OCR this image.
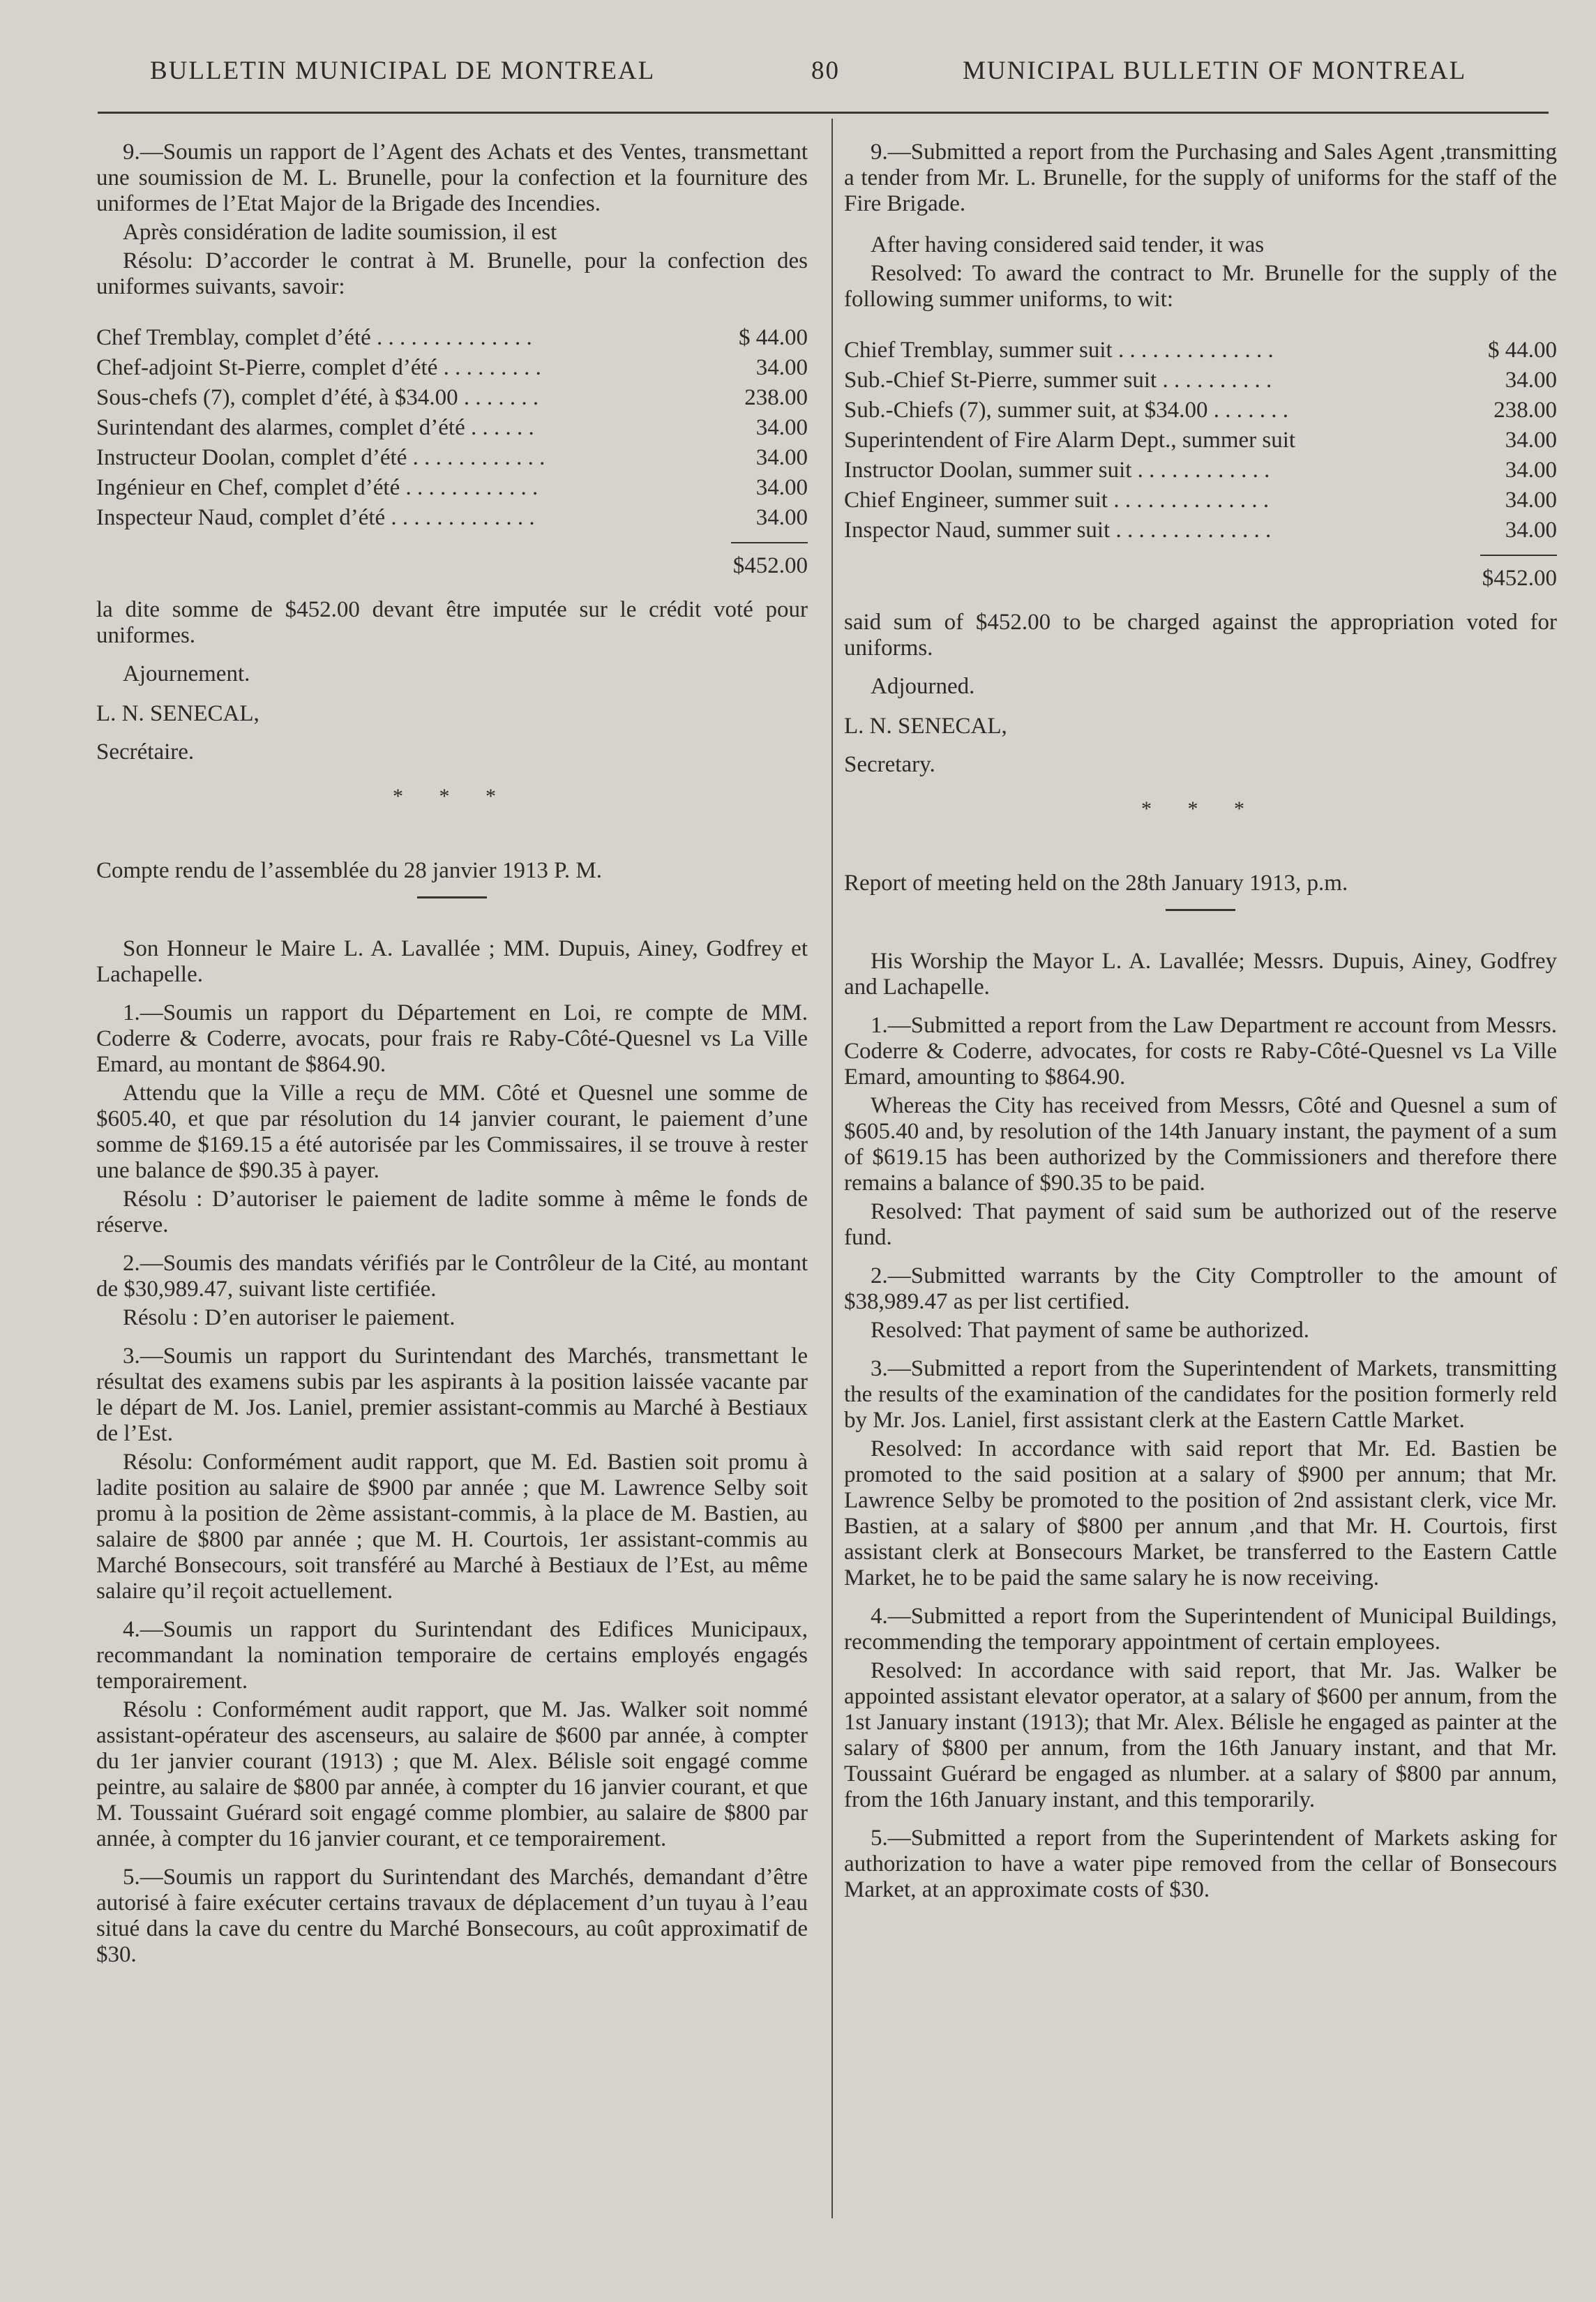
BULLETIN MUNICIPAL DE MONTREAL	80	MUNICIPAL BULLETIN OF MONTREAL

9.—Soumis un rapport de l’Agent des Achats et des Ventes, transmettant une soumission de M. L. Brunelle, pour la confection et la fourniture des uniformes de l’Etat Major de la Brigade des Incendies.

Après considération de ladite soumission, il est

Résolu: D’accorder le contrat à M. Brunelle, pour la confection des uniformes suivants, savoir:

Chef Tremblay, complet d’été . . . . . . . . . . . . . .	$ 44.00
Chef-adjoint St-Pierre, complet d’été . . . . . . . . .	34.00
Sous-chefs (7), complet d’été, à $34.00 . . . . . . .	238.00
Surintendant des alarmes, complet d’été . . . . . .	34.00
Instructeur Doolan, complet d’été . . . . . . . . . . . .	34.00
Ingénieur en Chef, complet d’été . . . . . . . . . . . .	34.00
Inspecteur Naud, complet d’été . . . . . . . . . . . . .	34.00
$452.00

la dite somme de $452.00 devant être imputée sur le crédit voté pour uniformes.

Ajournement.

L. N. SENECAL,

Secrétaire.

* * *

Compte rendu de l’assemblée du 28 janvier 1913 P. M.

Son Honneur le Maire L. A. Lavallée ; MM. Dupuis, Ainey, Godfrey et Lachapelle.

1.—Soumis un rapport du Département en Loi, re compte de MM. Coderre & Coderre, avocats, pour frais re Raby-Côté-Quesnel vs La Ville Emard, au montant de $864.90.

Attendu que la Ville a reçu de MM. Côté et Quesnel une somme de $605.40, et que par résolution du 14 janvier courant, le paiement d’une somme de $169.15 a été autorisée par les Commissaires, il se trouve à rester une balance de $90.35 à payer.

Résolu : D’autoriser le paiement de ladite somme à même le fonds de réserve.

2.—Soumis des mandats vérifiés par le Contrôleur de la Cité, au montant de $30,989.47, suivant liste certifiée.

Résolu : D’en autoriser le paiement.

3.—Soumis un rapport du Surintendant des Marchés, transmettant le résultat des examens subis par les aspirants à la position laissée vacante par le départ de M. Jos. Laniel, premier assistant-commis au Marché à Bestiaux de l’Est.

Résolu: Conformément audit rapport, que M. Ed. Bastien soit promu à ladite position au salaire de $900 par année ; que M. Lawrence Selby soit promu à la position de 2ème assistant-commis, à la place de M. Bastien, au salaire de $800 par année ; que M. H. Courtois, 1er assistant-commis au Marché Bonsecours, soit transféré au Marché à Bestiaux de l’Est, au même salaire qu’il reçoit actuellement.

4.—Soumis un rapport du Surintendant des Edifices Municipaux, recommandant la nomination temporaire de certains employés engagés temporairement.

Résolu : Conformément audit rapport, que M. Jas. Walker soit nommé assistant-opérateur des ascenseurs, au salaire de $600 par année, à compter du 1er janvier courant (1913) ; que M. Alex. Bélisle soit engagé comme peintre, au salaire de $800 par année, à compter du 16 janvier courant, et que M. Toussaint Guérard soit engagé comme plombier, au salaire de $800 par année, à compter du 16 janvier courant, et ce temporairement.

5.—Soumis un rapport du Surintendant des Marchés, demandant d’être autorisé à faire exécuter certains travaux de déplacement d’un tuyau à l’eau situé dans la cave du centre du Marché Bonsecours, au coût approximatif de $30.

9.—Submitted a report from the Purchasing and Sales Agent ,transmitting a tender from Mr. L. Brunelle, for the supply of uniforms for the staff of the Fire Brigade.

After having considered said tender, it was

Resolved: To award the contract to Mr. Brunelle for the supply of the following summer uniforms, to wit:

Chief Tremblay, summer suit . . . . . . . . . . . . . .	$ 44.00
Sub.-Chief St-Pierre, summer suit . . . . . . . . . .	34.00
Sub.-Chiefs (7), summer suit, at $34.00 . . . . . . .	238.00
Superintendent of Fire Alarm Dept., summer suit	34.00
Instructor Doolan, summer suit . . . . . . . . . . . .	34.00
Chief Engineer, summer suit . . . . . . . . . . . . . .	34.00
Inspector Naud, summer suit . . . . . . . . . . . . . .	34.00
$452.00

said sum of $452.00 to be charged against the appropriation voted for uniforms.

Adjourned.

L. N. SENECAL,

Secretary.

* * *

Report of meeting held on the 28th January 1913, p.m.

His Worship the Mayor L. A. Lavallée; Messrs. Dupuis, Ainey, Godfrey and Lachapelle.

1.—Submitted a report from the Law Department re account from Messrs. Coderre & Coderre, advocates, for costs re Raby-Côté-Quesnel vs La Ville Emard, amounting to $864.90.

Whereas the City has received from Messrs, Côté and Quesnel a sum of $605.40 and, by resolution of the 14th January instant, the payment of a sum of $619.15 has been authorized by the Commissioners and therefore there remains a balance of $90.35 to be paid.

Resolved: That payment of said sum be authorized out of the reserve fund.

2.—Submitted warrants by the City Comptroller to the amount of $38,989.47 as per list certified.

Resolved: That payment of same be authorized.

3.—Submitted a report from the Superintendent of Markets, transmitting the results of the examination of the candidates for the position formerly reld by Mr. Jos. Laniel, first assistant clerk at the Eastern Cattle Market.

Resolved: In accordance with said report that Mr. Ed. Bastien be promoted to the said position at a salary of $900 per annum; that Mr. Lawrence Selby be promoted to the position of 2nd assistant clerk, vice Mr. Bastien, at a salary of $800 per annum ,and that Mr. H. Courtois, first assistant clerk at Bonsecours Market, be transferred to the Eastern Cattle Market, he to be paid the same salary he is now receiving.

4.—Submitted a report from the Superintendent of Municipal Buildings, recommending the temporary appointment of certain employees.

Resolved: In accordance with said report, that Mr. Jas. Walker be appointed assistant elevator operator, at a salary of $600 per annum, from the 1st January instant (1913); that Mr. Alex. Bélisle he engaged as painter at the salary of $800 per annum, from the 16th January instant, and that Mr. Toussaint Guérard be engaged as nlumber. at a salary of $800 par annum, from the 16th January instant, and this temporarily.

5.—Submitted a report from the Superintendent of Markets asking for authorization to have a water pipe removed from the cellar of Bonsecours Market, at an approximate costs of $30.
